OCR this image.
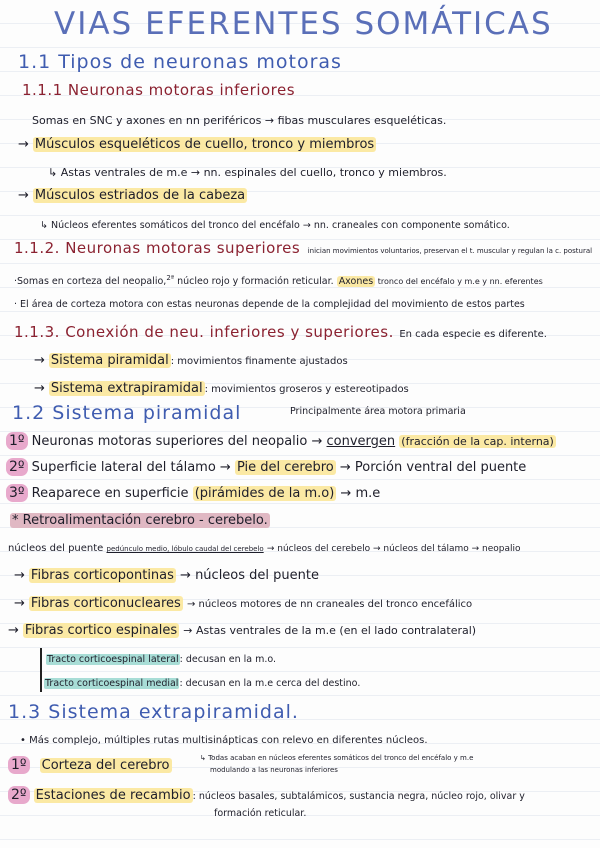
VIAS EFERENTES SOMÁTICAS
1.1 Tipos de neuronas motoras
1.1.1 Neuronas motoras inferiores
Somas en SNC y axones en nn periféricos → fibas musculares esqueléticas.
→ Músculos esqueléticos de cuello, tronco y miembros
↳ Astas ventrales de m.e → nn. espinales del cuello, tronco y miembros.
→ Músculos estriados de la cabeza
↳ Núcleos eferentes somáticos del tronco del encéfalo → nn. craneales con componente somático.
1.1.2. Neuronas motoras superiores inician movimientos voluntarios, preservan el t. muscular y regulan la c. postural
·Somas en corteza del neopalio,$^{2ª}$ núcleo rojo y formación reticular. Axones tronco del encéfalo y m.e y nn. eferentes
· El área de corteza motora con estas neuronas depende de la complejidad del movimiento de estos partes
1.1.3. Conexión de neu. inferiores y superiores. En cada especie es diferente.
→ Sistema piramidal : movimientos finamente ajustados
→ Sistema extrapiramidal : movimientos groseros y estereotipados
1.2 Sistema piramidal	Principalmente área motora primaria
1º Neuronas motoras superiores del neopalio → convergen (fracción de la cap. interna)
2º Superficie lateral del tálamo → Pie del cerebro → Porción ventral del puente
3º Reaparece en superficie (pirámides de la m.o) → m.e
* Retroalimentación cerebro - cerebelo.
núcleos del puente pedúnculo medio, lóbulo caudal del cerebelo → núcleos del cerebelo → núcleos del tálamo → neopalio
→ Fibras corticopontinas → núcleos del puente
→ Fibras corticonucleares → núcleos motores de nn craneales del tronco encefálico
→ Fibras cortico espinales → Astas ventrales de la m.e (en el lado contralateral)
Tracto corticoespinal lateral: decusan en la m.o.
Tracto corticoespinal medial: decusan en la m.e cerca del destino.
1.3 Sistema extrapiramidal.
• Más complejo, múltiples rutas multisinápticas con relevo en diferentes núcleos.
1º Corteza del cerebro	↳ Todas acaban en núcleos eferentes somáticos del tronco del encéfalo y m.e
modulando a las neuronas inferiores
2º Estaciones de recambio : núcleos basales, subtalámicos, sustancia negra, núcleo rojo, olivar y
formación reticular.
